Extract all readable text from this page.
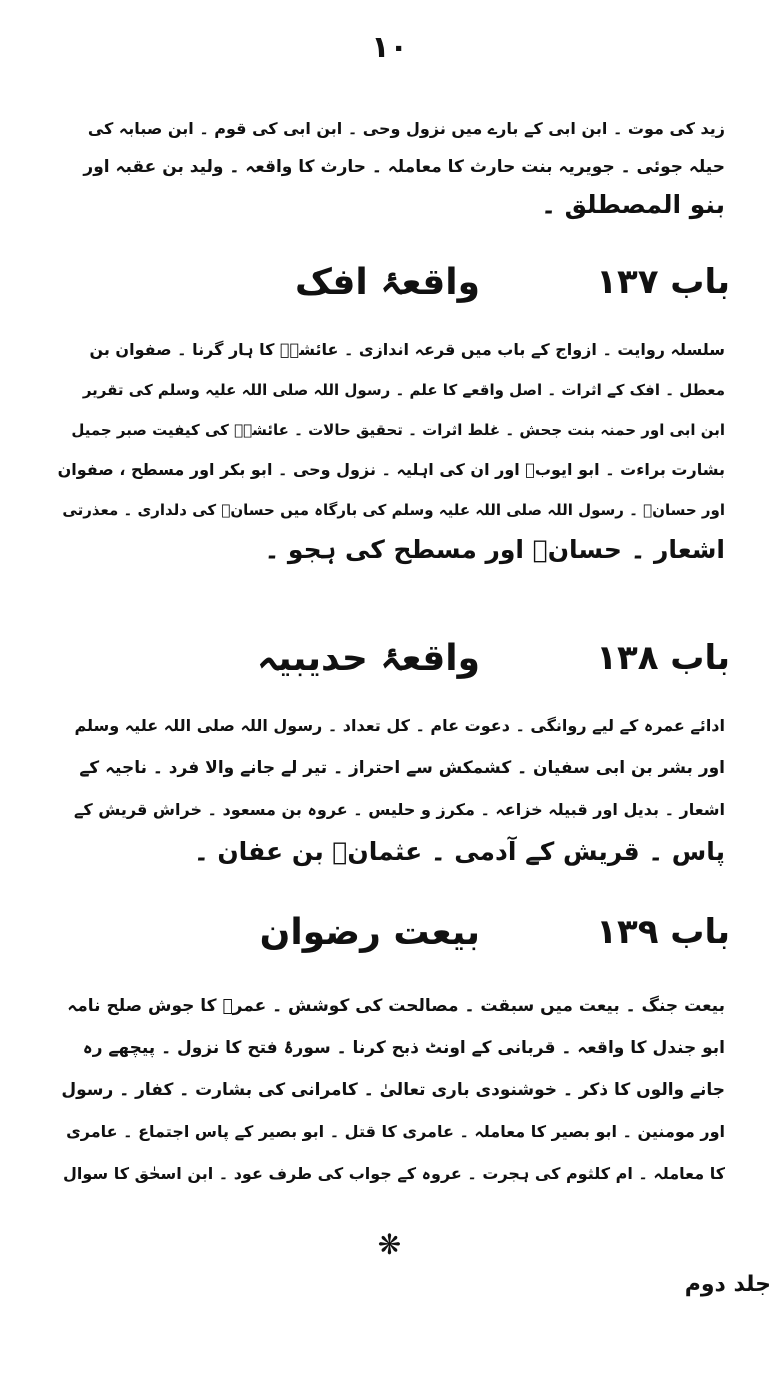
١٠
زید کی موت ۔ ابن ابی کے بارے میں نزول وحی ۔ ابن ابی کی قوم ۔ ابن صبابہ کی
حیلہ جوئی ۔ جویریہ بنت حارث کا معاملہ ۔ حارث کا واقعہ ۔ ولید بن عقبہ اور
بنو المصطلق ۔
باب ۱۳۷
واقعۂ افک
سلسلہ روایت ۔ ازواج کے باب میں قرعہ اندازی ۔ عائشہؓ کا ہار گرنا ۔ صفوان بن
معطل ۔ افک کے اثرات ۔ اصل واقعے کا علم ۔ رسول اللہ صلی اللہ علیہ وسلم کی تقریر
ابن ابی اور حمنہ بنت جحش ۔ غلط اثرات ۔ تحقیق حالات ۔ عائشہؓ کی کیفیت صبر جمیل
بشارت براءت ۔ ابو ایوبؓ اور ان کی اہلیہ ۔ نزول وحی ۔ ابو بکر اور مسطح ، صفوان
اور حسانؓ ۔ رسول اللہ صلی اللہ علیہ وسلم کی بارگاہ میں حسانؓ کی دلداری ۔ معذرتی
اشعار ۔ حسانؓ اور مسطح کی ہجو ۔
باب ۱۳۸
واقعۂ حدیبیہ
ادائے عمرہ کے لیے روانگی ۔ دعوت عام ۔ کل تعداد ۔ رسول اللہ صلی اللہ علیہ وسلم
اور بشر بن ابی سفیان ۔ کشمکش سے احتراز ۔ تیر لے جانے والا فرد ۔ ناجیہ کے
اشعار ۔ بدیل اور قبیلہ خزاعہ ۔ مکرز و حلیس ۔ عروہ بن مسعود ۔ خراش قریش کے
پاس ۔ قریش کے آدمی ۔ عثمانؓ بن عفان ۔
باب ۱۳۹
بیعت رضوان
بیعت جنگ ۔ بیعت میں سبقت ۔ مصالحت کی کوشش ۔ عمرؓ کا جوش صلح نامہ
ابو جندل کا واقعہ ۔ قربانی کے اونٹ ذبح کرنا ۔ سورۂ فتح کا نزول ۔ پیچھے رہ
جانے والوں کا ذکر ۔ خوشنودی باری تعالیٰ ۔ کامرانی کی بشارت ۔ کفار ۔ رسول
اور مومنین ۔ ابو بصیر کا معاملہ ۔ عامری کا قتل ۔ ابو بصیر کے پاس اجتماع ۔ عامری
کا معاملہ ۔ ام کلثوم کی ہجرت ۔ عروہ کے جواب کی طرف عود ۔ ابن اسحٰق کا سوال
❋
جلد دوم
